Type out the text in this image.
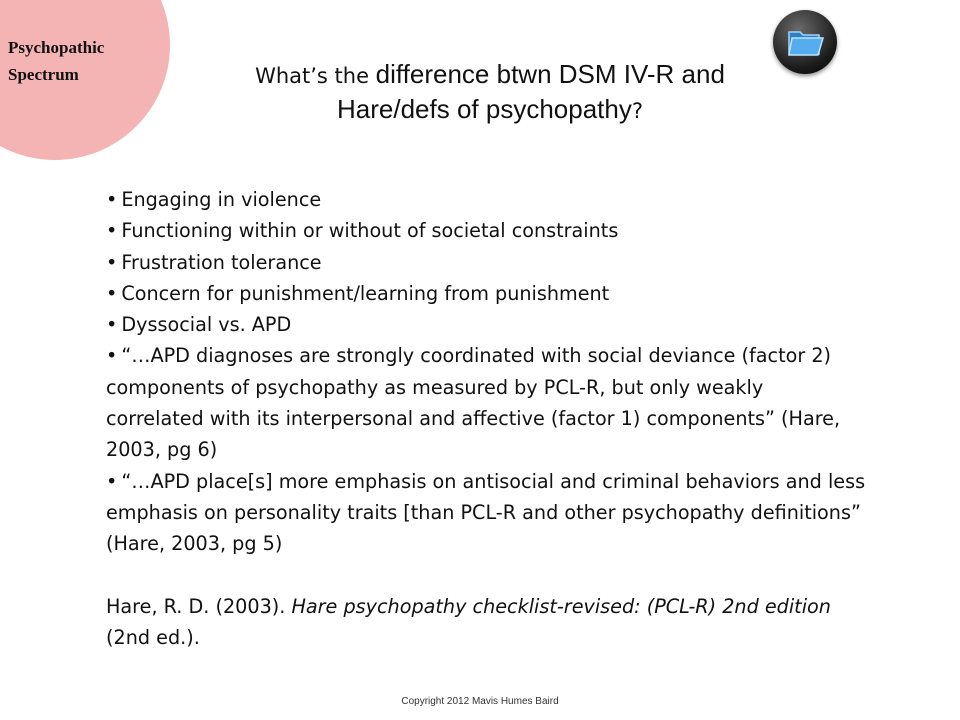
Psychopathic
Spectrum	What’s the difference btwn DSM IV-R and
Hare/defs of psychopathy?
• Engaging in violence
• Functioning within or without of societal constraints
• Frustration tolerance
• Concern for punishment/learning from punishment
• Dyssocial vs. APD
• “…APD diagnoses are strongly coordinated with social deviance (factor 2) components of psychopathy as measured by PCL-R, but only weakly correlated with its interpersonal and affective (factor 1) components” (Hare, 2003, pg 6)
• “…APD place[s] more emphasis on antisocial and criminal behaviors and less emphasis on personality traits [than PCL-R and other psychopathy definitions” (Hare, 2003, pg 5)
Hare, R. D. (2003). Hare psychopathy checklist-revised: (PCL-R) 2nd edition (2nd ed.).
Copyright 2012 Mavis Humes Baird
